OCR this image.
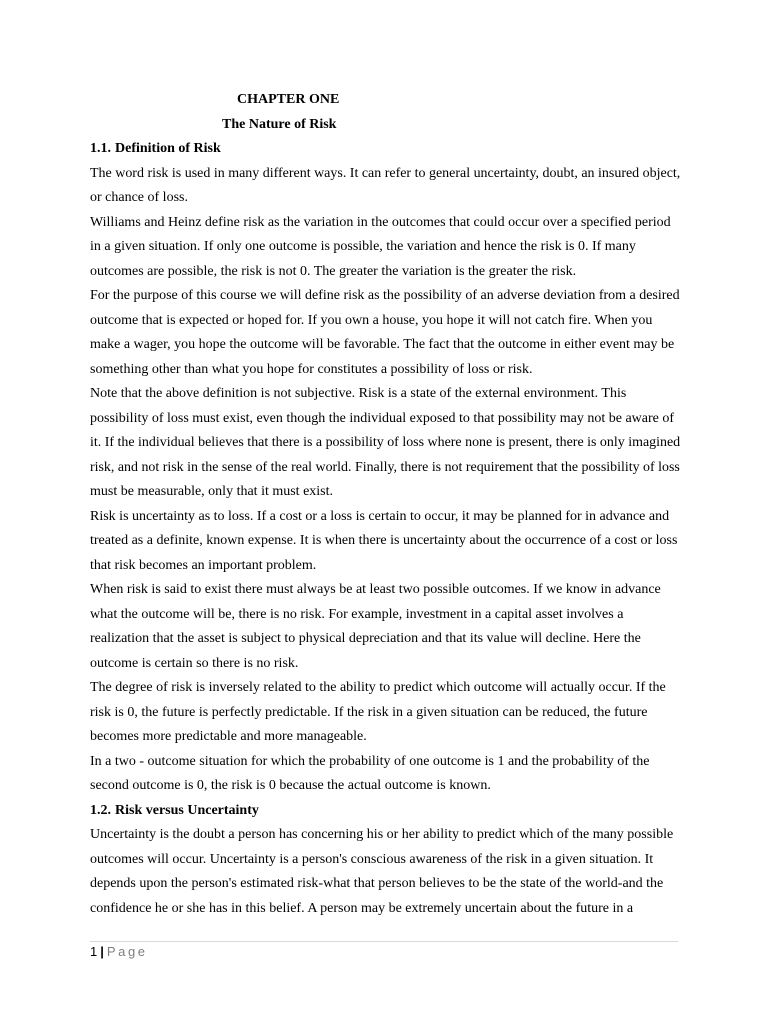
CHAPTER ONE
The Nature of Risk
1.1. Definition of Risk

The word risk is used in many different ways. It can refer to general uncertainty, doubt, an insured object,
or chance of loss.

Williams and Heinz define risk as the variation in the outcomes that could occur over a specified period
in a given situation. If only one outcome is possible, the variation and hence the risk is 0. If many
outcomes are possible, the risk is not 0. The greater the variation is the greater the risk.

For the purpose of this course we will define risk as the possibility of an adverse deviation from a desired
outcome that is expected or hoped for. If you own a house, you hope it will not catch fire. When you
make a wager, you hope the outcome will be favorable. The fact that the outcome in either event may be
something other than what you hope for constitutes a possibility of loss or risk.

Note that the above definition is not subjective. Risk is a state of the external environment. This
possibility of loss must exist, even though the individual exposed to that possibility may not be aware of
it. If the individual believes that there is a possibility of loss where none is present, there is only imagined
risk, and not risk in the sense of the real world. Finally, there is not requirement that the possibility of loss
must be measurable, only that it must exist.

Risk is uncertainty as to loss. If a cost or a loss is certain to occur, it may be planned for in advance and
treated as a definite, known expense. It is when there is uncertainty about the occurrence of a cost or loss
that risk becomes an important problem.

When risk is said to exist there must always be at least two possible outcomes. If we know in advance
what the outcome will be, there is no risk. For example, investment in a capital asset involves a
realization that the asset is subject to physical depreciation and that its value will decline. Here the
outcome is certain so there is no risk.

The degree of risk is inversely related to the ability to predict which outcome will actually occur. If the
risk is 0, the future is perfectly predictable. If the risk in a given situation can be reduced, the future
becomes more predictable and more manageable.

In a two - outcome situation for which the probability of one outcome is 1 and the probability of the
second outcome is 0, the risk is 0 because the actual outcome is known.

1.2. Risk versus Uncertainty

Uncertainty is the doubt a person has concerning his or her ability to predict which of the many possible
outcomes will occur. Uncertainty is a person's conscious awareness of the risk in a given situation. It
depends upon the person's estimated risk-what that person believes to be the state of the world-and the
confidence he or she has in this belief. A person may be extremely uncertain about the future in a

1 | Page
